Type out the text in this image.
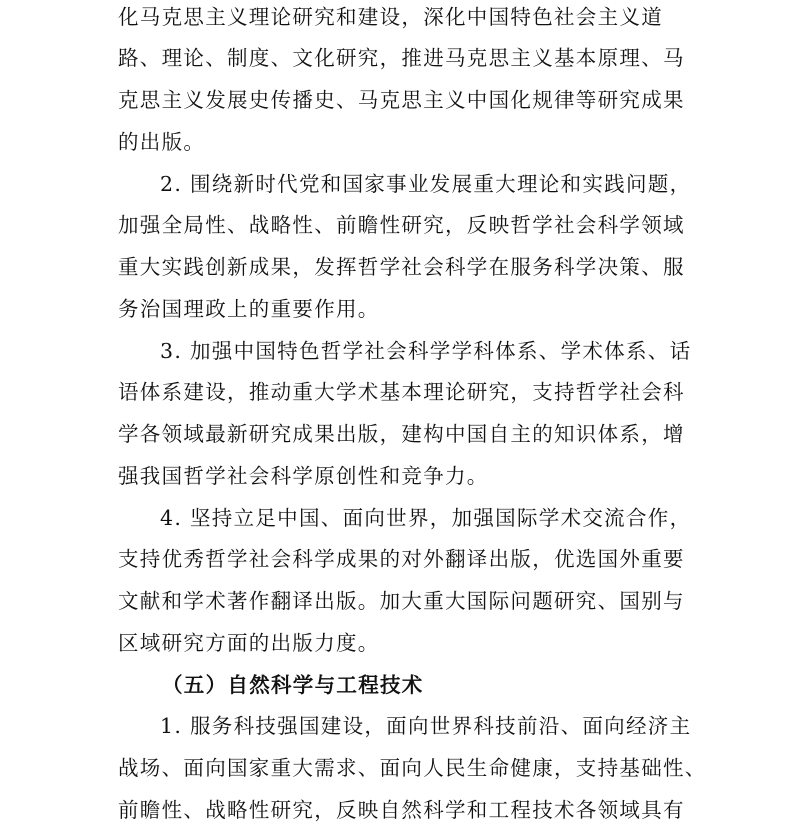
化马克思主义理论研究和建设，深化中国特色社会主义道
路、理论、制度、文化研究，推进马克思主义基本原理、马
克思主义发展史传播史、马克思主义中国化规律等研究成果
的出版。
2. 围绕新时代党和国家事业发展重大理论和实践问题，
加强全局性、战略性、前瞻性研究，反映哲学社会科学领域
重大实践创新成果，发挥哲学社会科学在服务科学决策、服
务治国理政上的重要作用。
3. 加强中国特色哲学社会科学学科体系、学术体系、话
语体系建设，推动重大学术基本理论研究，支持哲学社会科
学各领域最新研究成果出版，建构中国自主的知识体系，增
强我国哲学社会科学原创性和竞争力。
4. 坚持立足中国、面向世界，加强国际学术交流合作，
支持优秀哲学社会科学成果的对外翻译出版，优选国外重要
文献和学术著作翻译出版。加大重大国际问题研究、国别与
区域研究方面的出版力度。
（五）自然科学与工程技术
1. 服务科技强国建设，面向世界科技前沿、面向经济主
战场、面向国家重大需求、面向人民生命健康，支持基础性、
前瞻性、战略性研究，反映自然科学和工程技术各领域具有
